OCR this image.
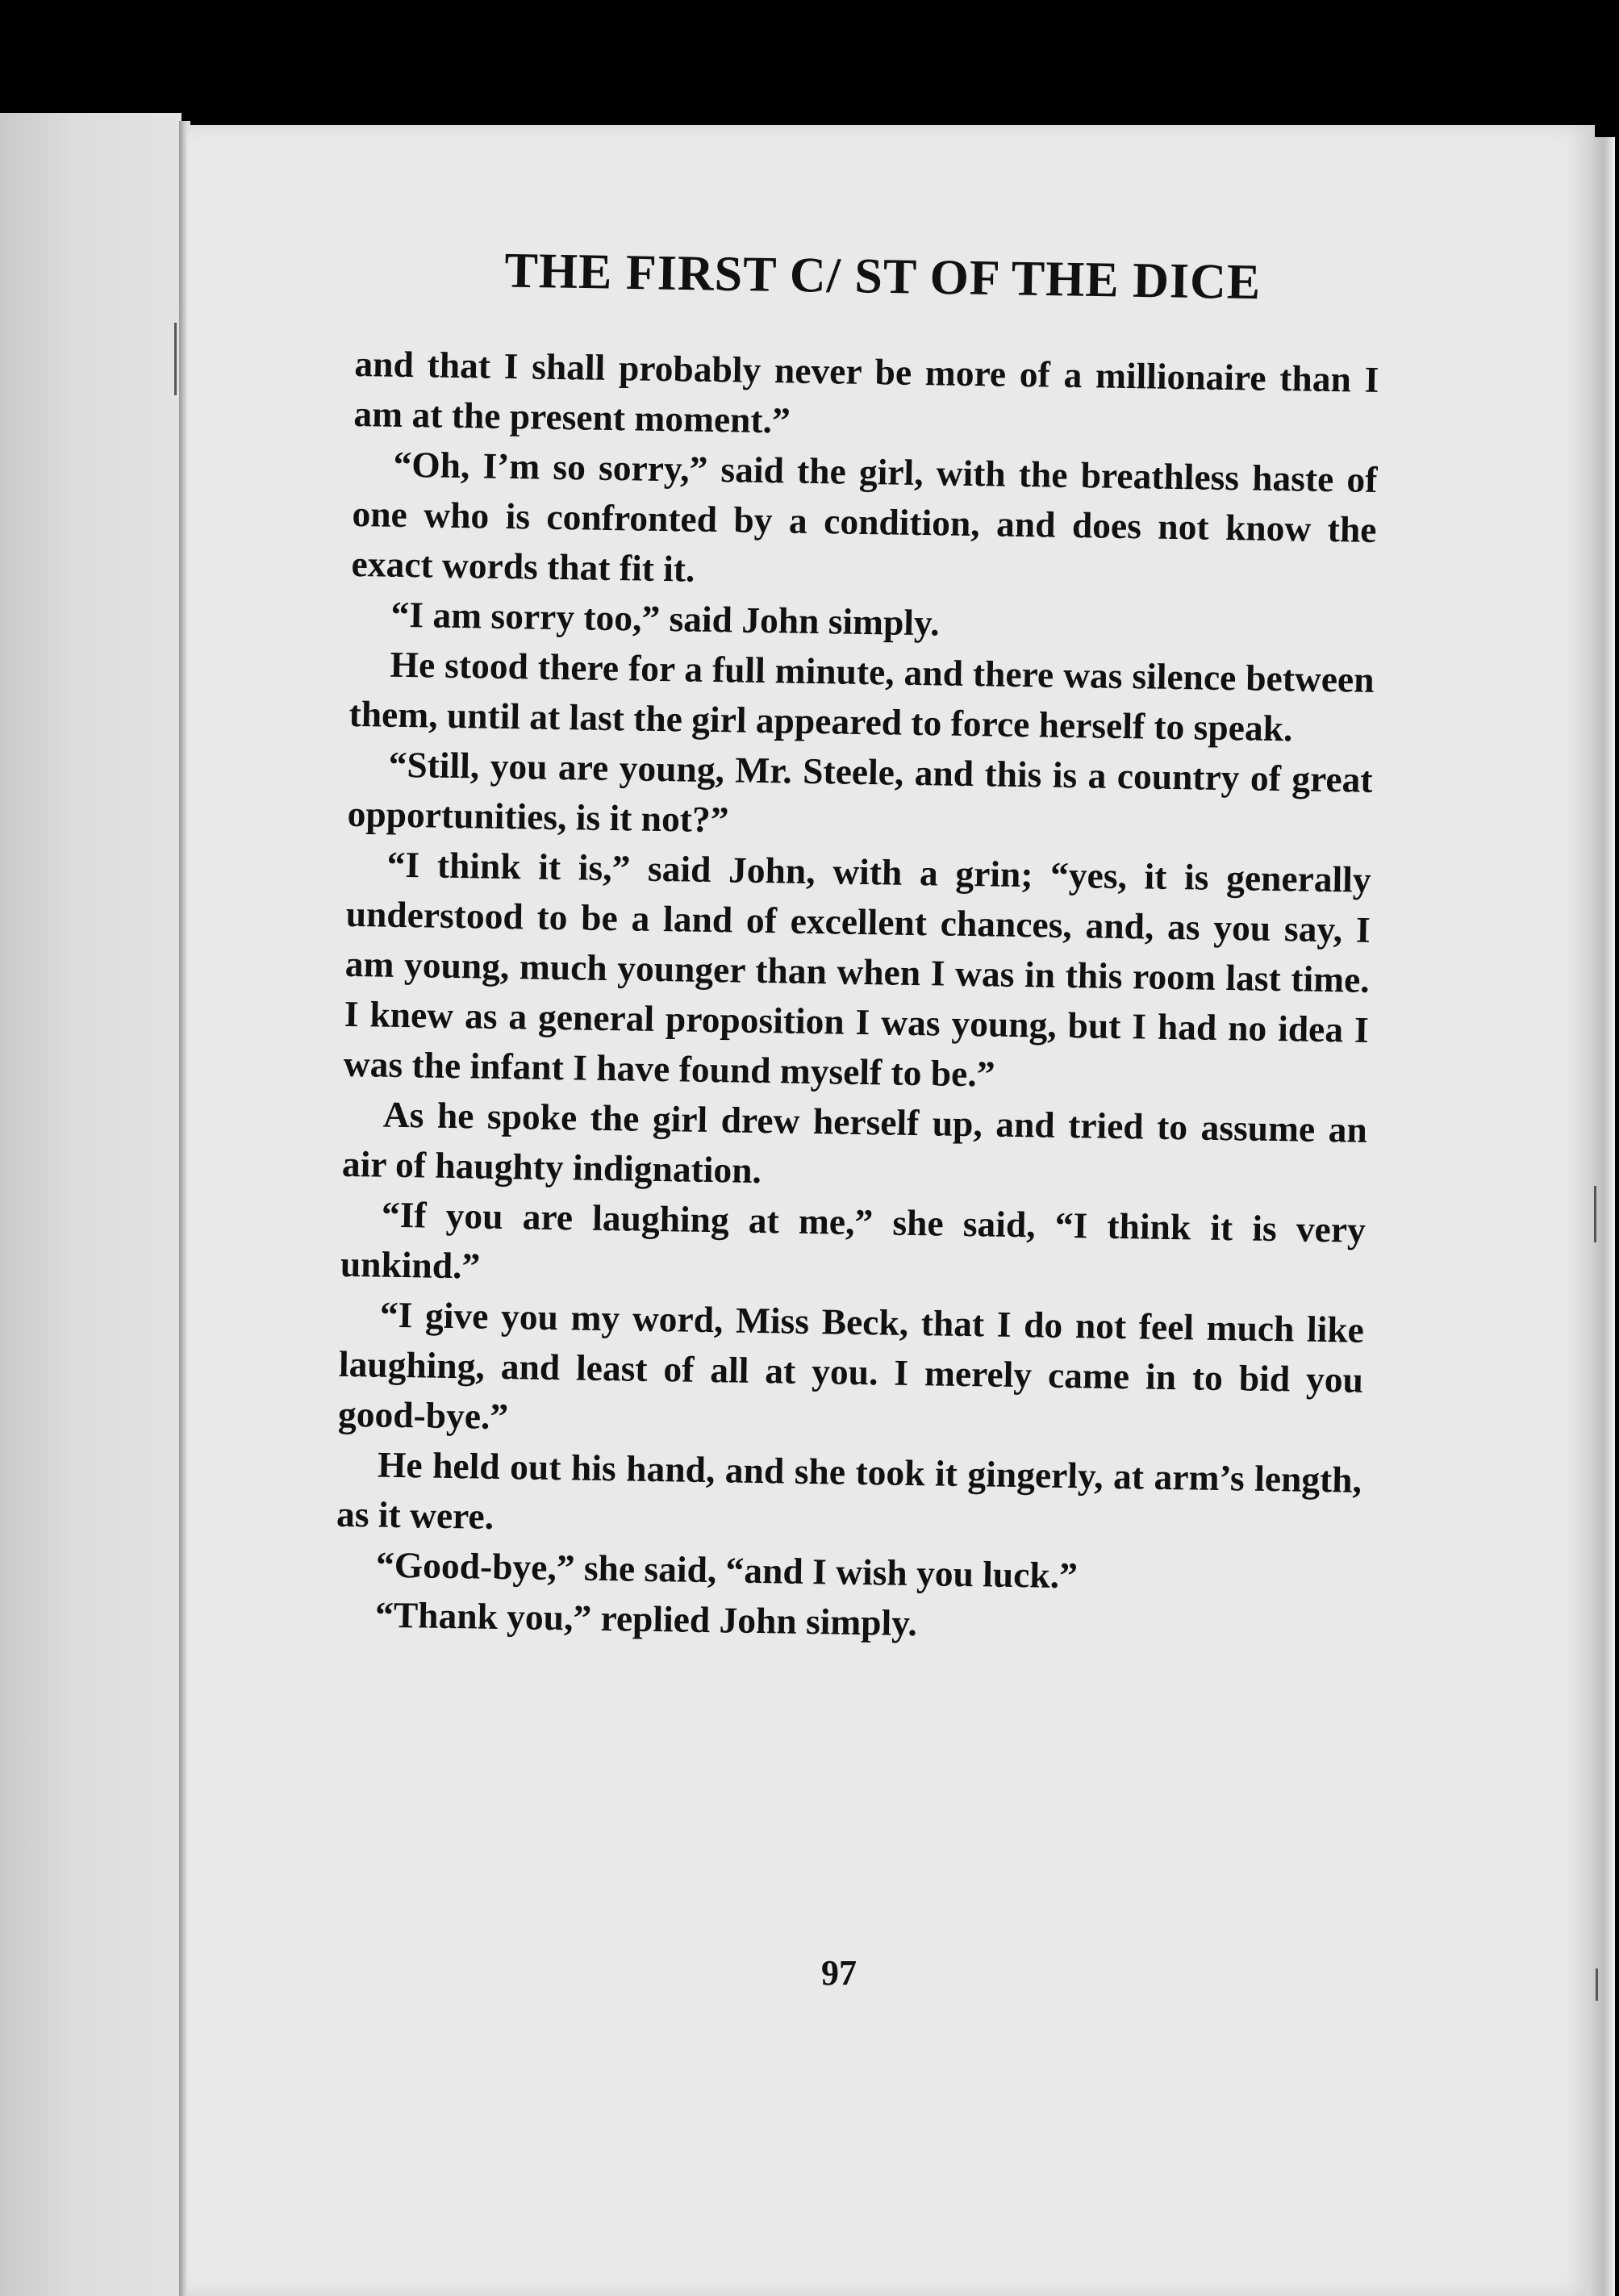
THE FIRST C/ ST OF THE DICE

and that I shall probably never be more of a millionaire than I am at the present moment.”

“Oh, I’m so sorry,” said the girl, with the breathless haste of one who is confronted by a condition, and does not know the exact words that fit it.

“I am sorry too,” said John simply.

He stood there for a full minute, and there was silence between them, until at last the girl appeared to force herself to speak.

“Still, you are young, Mr. Steele, and this is a country of great opportunities, is it not?”

“I think it is,” said John, with a grin; “yes, it is generally understood to be a land of excellent chances, and, as you say, I am young, much younger than when I was in this room last time. I knew as a general proposition I was young, but I had no idea I was the infant I have found myself to be.”

As he spoke the girl drew herself up, and tried to assume an air of haughty indignation.

“If you are laughing at me,” she said, “I think it is very unkind.”

“I give you my word, Miss Beck, that I do not feel much like laughing, and least of all at you. I merely came in to bid you good-bye.”

He held out his hand, and she took it gingerly, at arm’s length, as it were.

“Good-bye,” she said, “and I wish you luck.”

“Thank you,” replied John simply.

97
